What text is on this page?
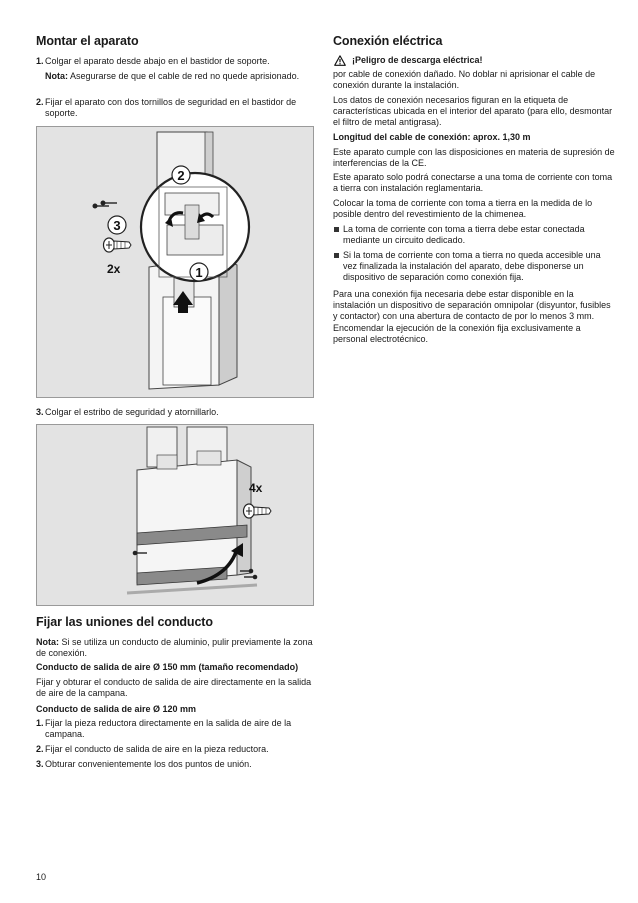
Montar el aparato
1. Colgar el aparato desde abajo en el bastidor de soporte.

Nota: Asegurarse de que el cable de red no quede aprisionado.

2. Fijar el aparato con dos tornillos de seguridad en el bastidor de soporte.
2
3
1
2x
3. Colgar el estribo de seguridad y atornillarlo.
4x
Fijar las uniones del conducto

Nota: Si se utiliza un conducto de aluminio, pulir previamente la zona de conexión.

Conducto de salida de aire Ø 150 mm (tamaño recomendado)

Fijar y obturar el conducto de salida de aire directamente en la salida de aire de la campana.

Conducto de salida de aire Ø 120 mm

1. Fijar la pieza reductora directamente en la salida de aire de la campana.
2. Fijar el conducto de salida de aire en la pieza reductora.
3. Obturar convenientemente los dos puntos de unión.
Conexión eléctrica
¡Peligro de descarga eléctrica!

por cable de conexión dañado. No doblar ni aprisionar el cable de conexión durante la instalación.

Los datos de conexión necesarios figuran en la etiqueta de características ubicada en el interior del aparato (para ello, desmontar el filtro de metal antigrasa).

Longitud del cable de conexión: aprox. 1,30 m

Este aparato cumple con las disposiciones en materia de supresión de interferencias de la CE.

Este aparato solo podrá conectarse a una toma de corriente con toma a tierra con instalación reglamentaria.

Colocar la toma de corriente con toma a tierra en la medida de lo posible dentro del revestimiento de la chimenea.

La toma de corriente con toma a tierra debe estar conectada mediante un circuito dedicado.
Si la toma de corriente con toma a tierra no queda accesible una vez finalizada la instalación del aparato, debe disponerse un dispositivo de separación como conexión fija.

Para una conexión fija necesaria debe estar disponible en la instalación un dispositivo de separación omnipolar (disyuntor, fusibles y contactor) con una abertura de contacto de por lo menos 3 mm. Encomendar la ejecución de la conexión fija exclusivamente a personal electrotécnico.

10
